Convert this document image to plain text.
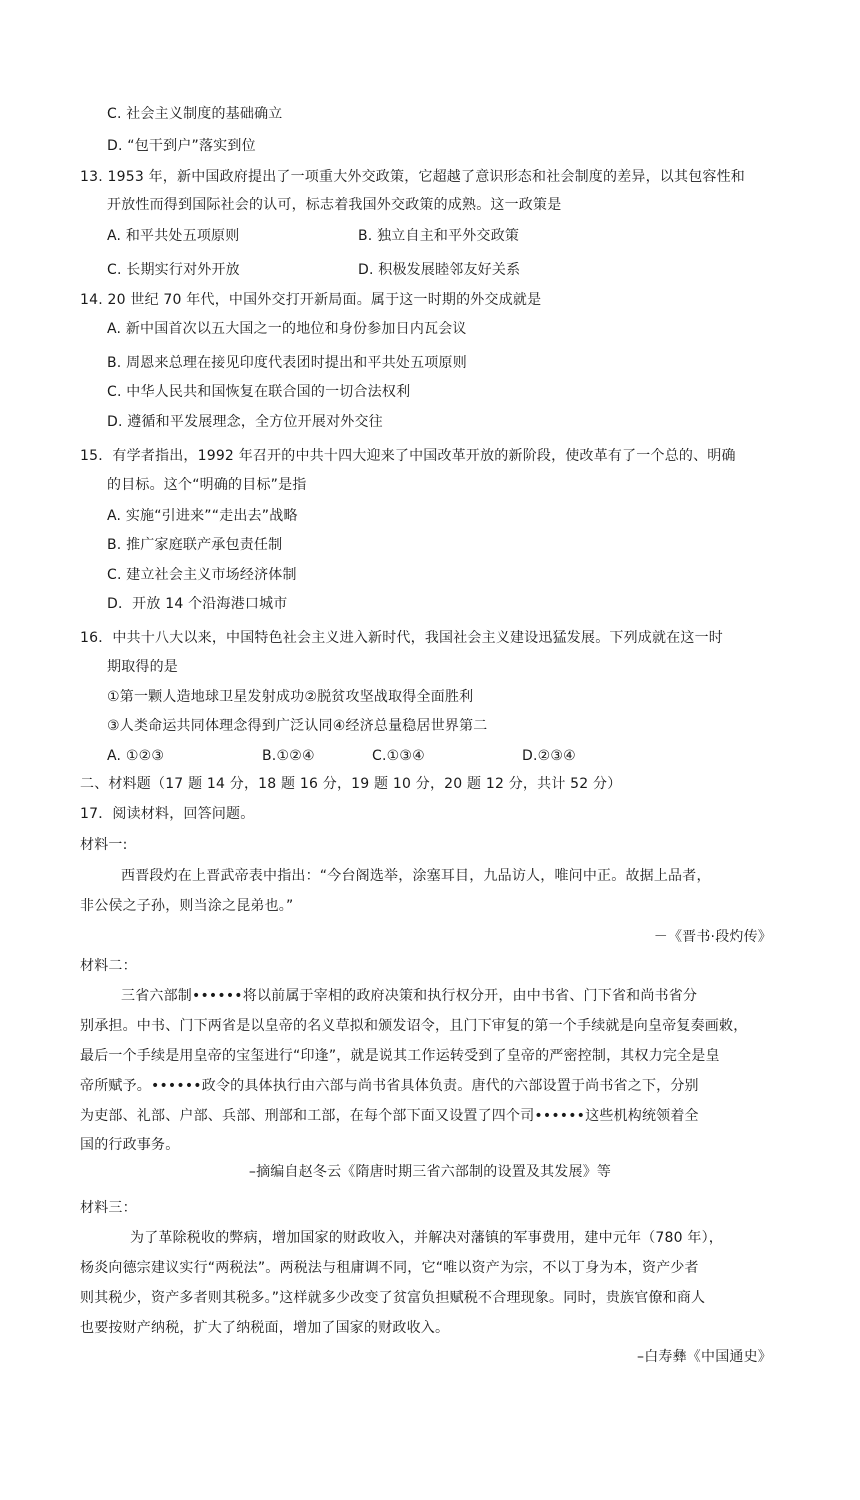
C. 社会主义制度的基础确立
D. “包干到户”落实到位
13. 1953 年，新中国政府提出了一项重大外交政策，它超越了意识形态和社会制度的差异，以其包容性和
开放性而得到国际社会的认可，标志着我国外交政策的成熟。这一政策是
A. 和平共处五项原则	B. 独立自主和平外交政策
C. 长期实行对外开放	D. 积极发展睦邻友好关系
14. 20 世纪 70 年代，中国外交打开新局面。属于这一时期的外交成就是
A. 新中国首次以五大国之一的地位和身份参加日内瓦会议
B. 周恩来总理在接见印度代表团时提出和平共处五项原则
C. 中华人民共和国恢复在联合国的一切合法权利
D. 遵循和平发展理念，全方位开展对外交往
15．有学者指出，1992 年召开的中共十四大迎来了中国改革开放的新阶段，使改革有了一个总的、明确
的目标。这个“明确的目标”是指
A. 实施“引进来”“走出去”战略
B. 推广家庭联产承包责任制
C. 建立社会主义市场经济体制
D．开放 14 个沿海港口城市
16．中共十八大以来，中国特色社会主义进入新时代，我国社会主义建设迅猛发展。下列成就在这一时
期取得的是
①第一颗人造地球卫星发射成功②脱贫攻坚战取得全面胜利
③人类命运共同体理念得到广泛认同④经济总量稳居世界第二
A. ①②③	B.①②④	C.①③④	D.②③④
二、材料题（17 题 14 分，18 题 16 分，19 题 10 分，20 题 12 分，共计 52 分）
17．阅读材料，回答问题。
材料一:
西晋段灼在上晋武帝表中指出：“今台阁选举，涂塞耳目，九品访人，唯问中正。故据上品者，
非公侯之子孙，则当涂之昆弟也。”
－《晋书·段灼传》
材料二：
三省六部制••••••将以前属于宰相的政府决策和执行权分开，由中书省、门下省和尚书省分
别承担。中书、门下两省是以皇帝的名义草拟和颁发诏令，且门下审复的第一个手续就是向皇帝复奏画敕，
最后一个手续是用皇帝的宝玺进行“印逢”，就是说其工作运转受到了皇帝的严密控制，其权力完全是皇
帝所赋予。••••••政令的具体执行由六部与尚书省具体负责。唐代的六部设置于尚书省之下，分别
为吏部、礼部、户部、兵部、刑部和工部，在每个部下面又设置了四个司••••••这些机构统领着全
国的行政事务。
–摘编自赵冬云《隋唐时期三省六部制的设置及其发展》等
材料三：
为了革除税收的弊病，增加国家的财政收入，并解决对藩镇的军事费用，建中元年（780 年），
杨炎向德宗建议实行“两税法”。两税法与租庸调不同，它“唯以资产为宗，不以丁身为本，资产少者
则其税少，资产多者则其税多。”这样就多少改变了贫富负担赋税不合理现象。同时，贵族官僚和商人
也要按财产纳税，扩大了纳税面，增加了国家的财政收入。
–白寿彝《中国通史》
